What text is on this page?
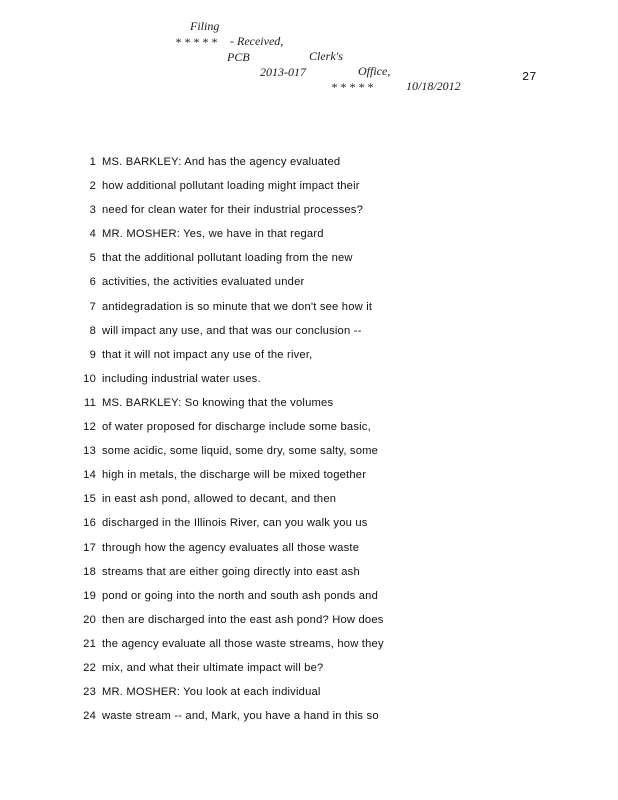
Filing

- Received,

Clerk's

Office,

10/18/2012

* * * * *

PCB

2013-017

* * * * *

27
1 MS. BARKLEY: And has the agency evaluated
2 how additional pollutant loading might impact their
3 need for clean water for their industrial processes?
4 MR. MOSHER: Yes, we have in that regard
5 that the additional pollutant loading from the new
6 activities, the activities evaluated under
7 antidegradation is so minute that we don't see how it
8 will impact any use, and that was our conclusion --
9 that it will not impact any use of the river,
10 including industrial water uses.
11 MS. BARKLEY: So knowing that the volumes
12 of water proposed for discharge include some basic,
13 some acidic, some liquid, some dry, some salty, some
14 high in metals, the discharge will be mixed together
15 in east ash pond, allowed to decant, and then
16 discharged in the Illinois River, can you walk you us
17 through how the agency evaluates all those waste
18 streams that are either going directly into east ash
19 pond or going into the north and south ash ponds and
20 then are discharged into the east ash pond? How does
21 the agency evaluate all those waste streams, how they
22 mix, and what their ultimate impact will be?
23 MR. MOSHER: You look at each individual
24 waste stream -- and, Mark, you have a hand in this so
